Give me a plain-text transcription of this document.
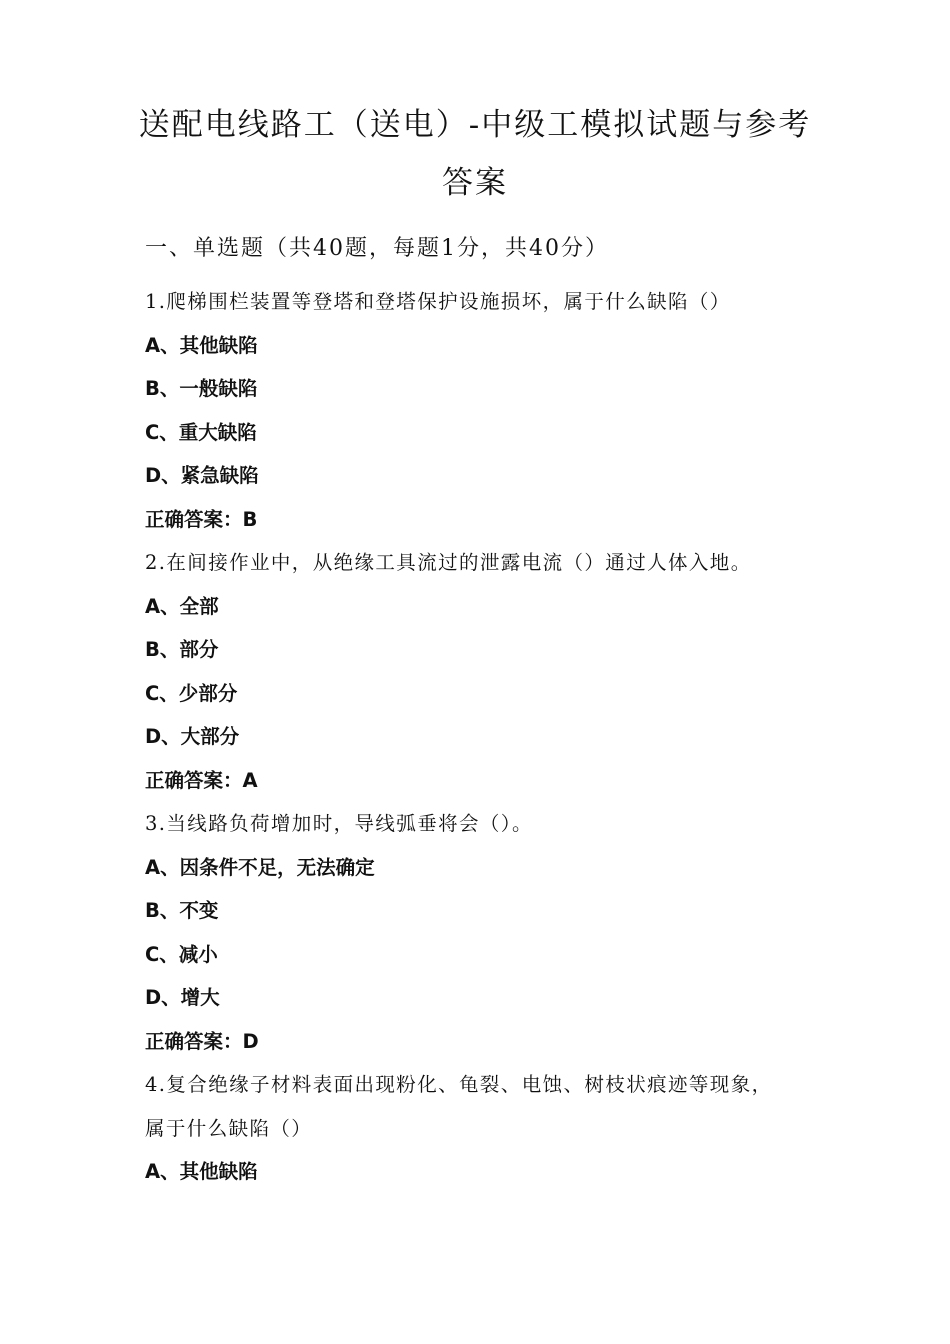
送配电线路工（送电）-中级工模拟试题与参考
答案
一、单选题（共40题，每题1分，共40分）
1.爬梯围栏装置等登塔和登塔保护设施损坏，属于什么缺陷（）
A、其他缺陷
B、一般缺陷
C、重大缺陷
D、紧急缺陷
正确答案：B
2.在间接作业中，从绝缘工具流过的泄露电流（）通过人体入地。
A、全部
B、部分
C、少部分
D、大部分
正确答案：A
3.当线路负荷增加时，导线弧垂将会（）。
A、因条件不足，无法确定
B、不变
C、减小
D、增大
正确答案：D
4.复合绝缘子材料表面出现粉化、龟裂、电蚀、树枝状痕迹等现象，
属于什么缺陷（）
A、其他缺陷
